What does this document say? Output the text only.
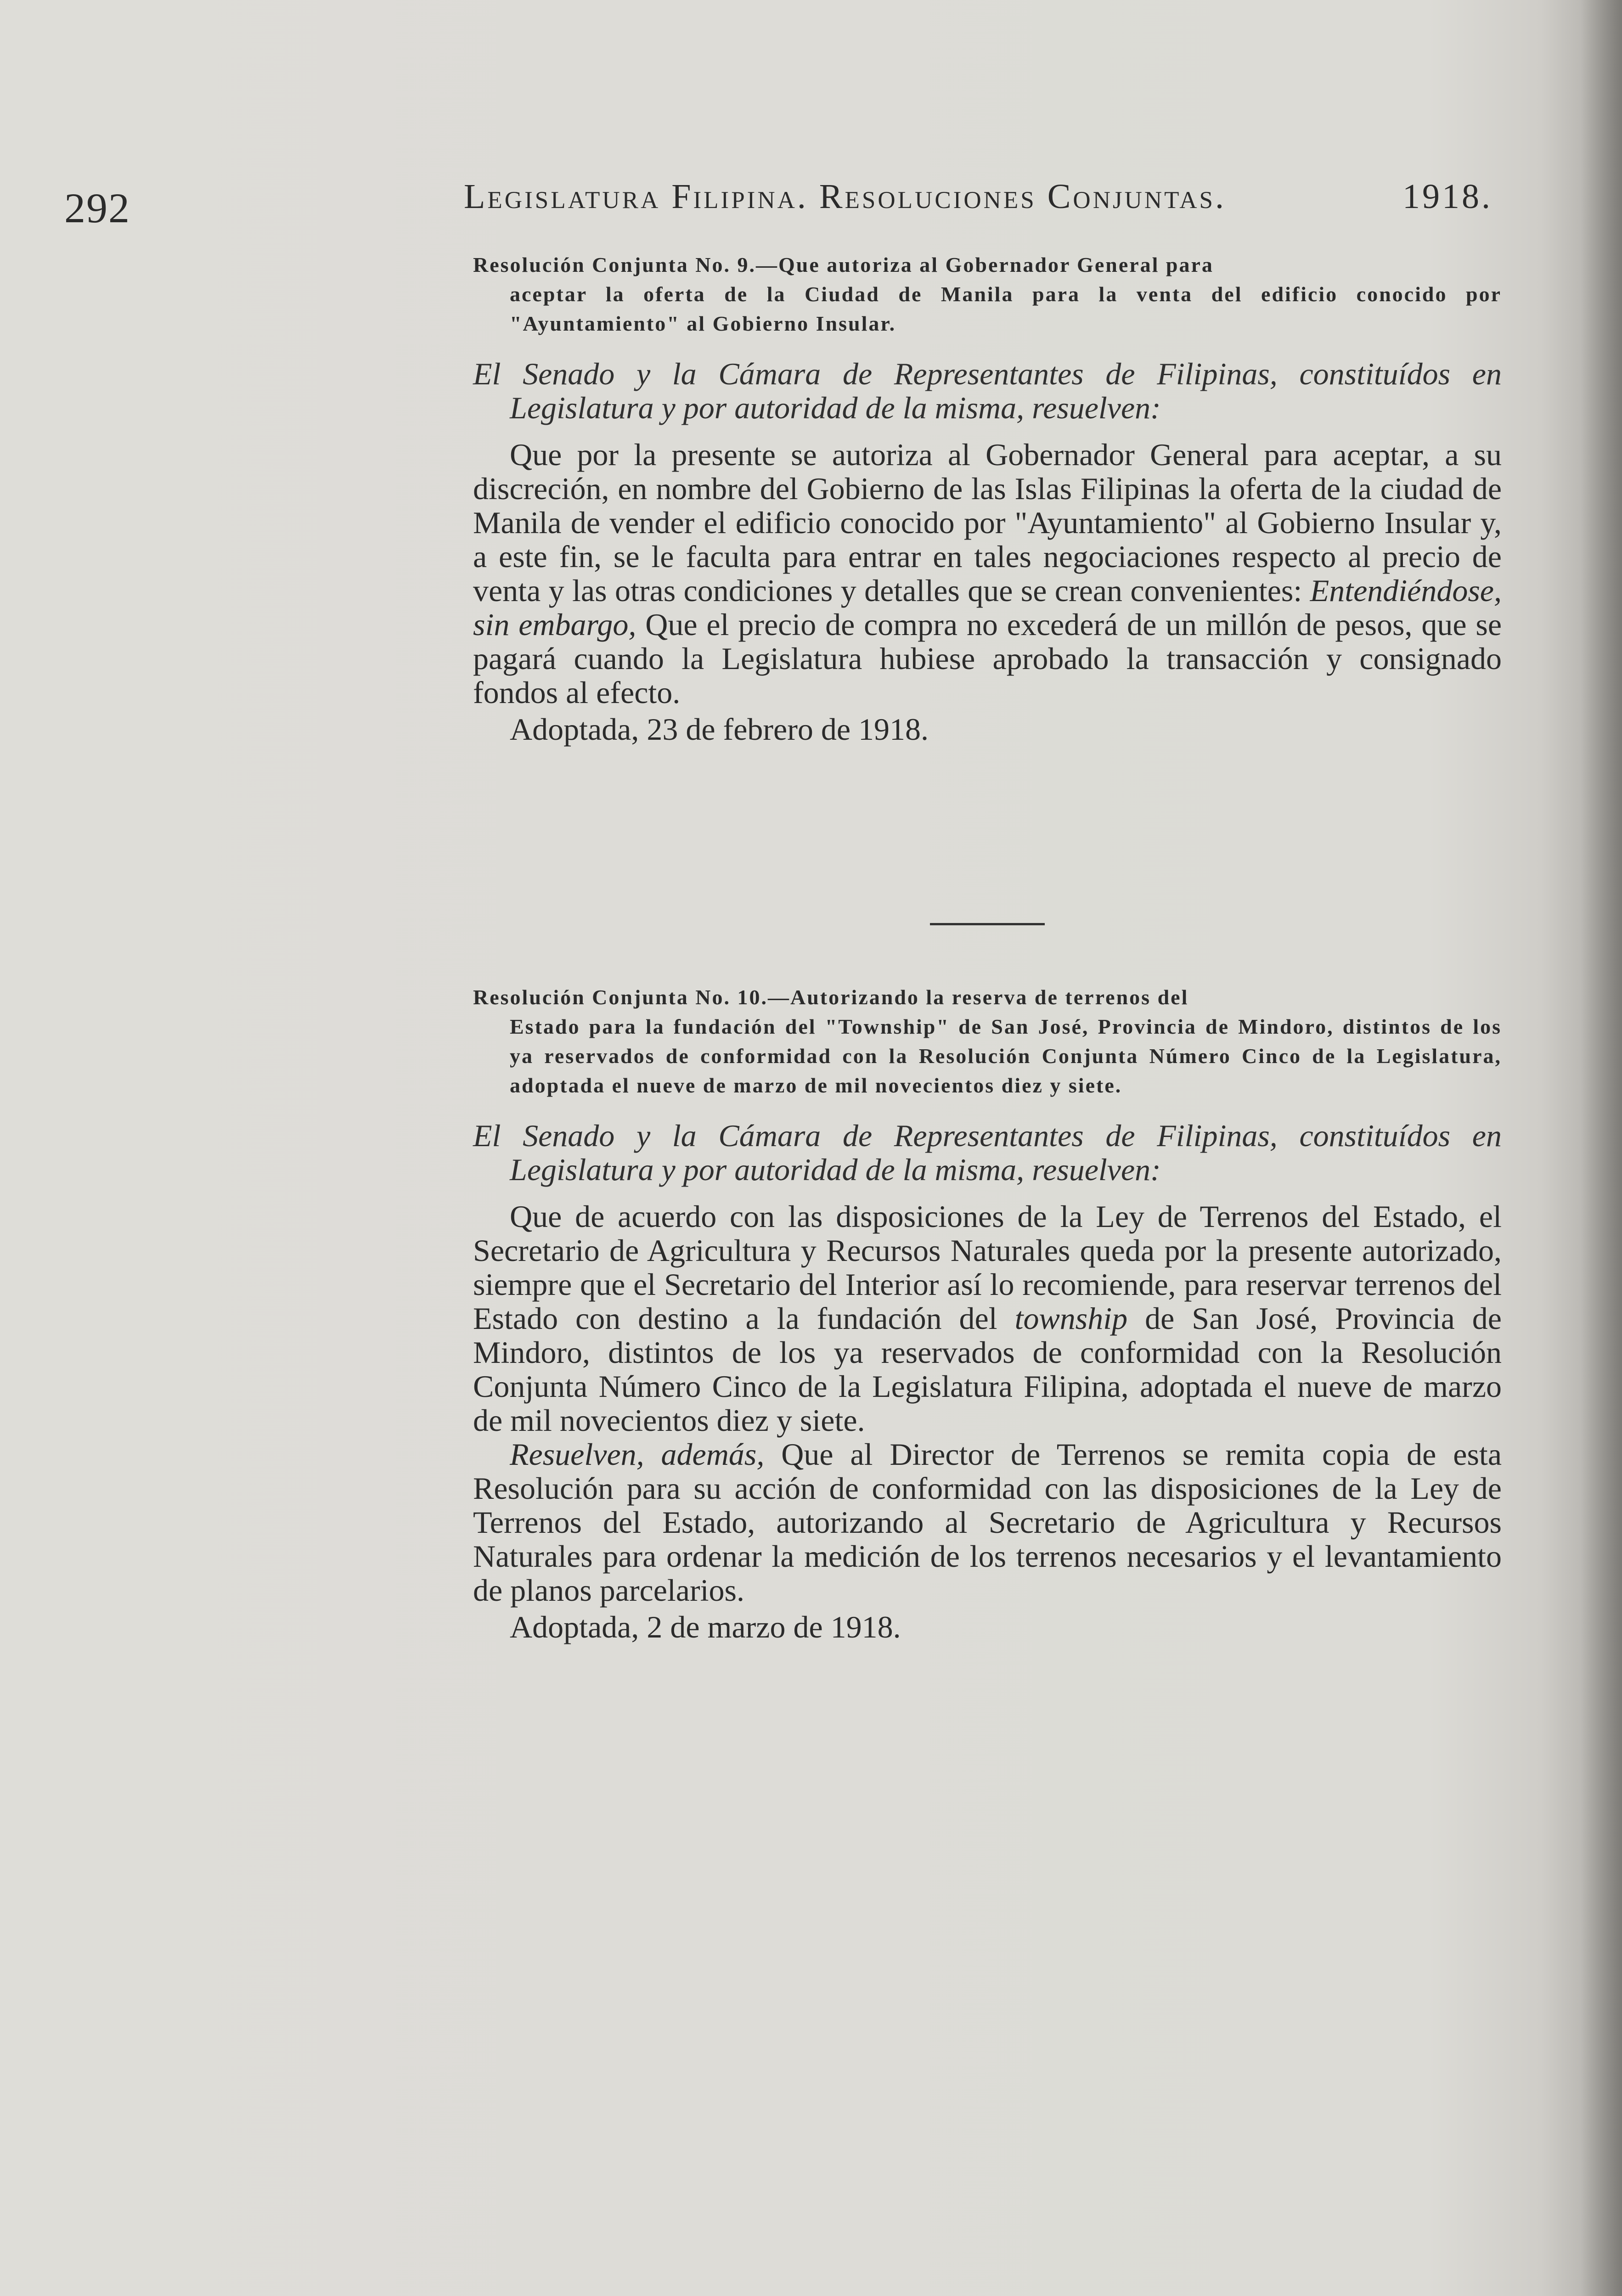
292	Legislatura Filipina. Resoluciones Conjuntas.	1918.

Resolución Conjunta No. 9.—Que autoriza al Gobernador General para
aceptar la oferta de la Ciudad de Manila para la venta del edificio conocido por "Ayuntamiento" al Gobierno Insular.

El Senado y la Cámara de Representantes de Filipinas, constituídos en Legislatura y por autoridad de la misma, resuelven:

Que por la presente se autoriza al Gobernador General para aceptar, a su discreción, en nombre del Gobierno de las Islas Filipinas la oferta de la ciudad de Manila de vender el edificio conocido por "Ayuntamiento" al Gobierno Insular y, a este fin, se le faculta para entrar en tales negociaciones respecto al precio de venta y las otras condiciones y detalles que se crean convenientes: Entendiéndose, sin embargo, Que el precio de compra no excederá de un millón de pesos, que se pagará cuando la Legislatura hubiese aprobado la transacción y consignado fondos al efecto.

Adoptada, 23 de febrero de 1918.

Resolución Conjunta No. 10.—Autorizando la reserva de terrenos del
Estado para la fundación del "Township" de San José, Provincia de Mindoro, distintos de los ya reservados de conformidad con la Resolución Conjunta Número Cinco de la Legislatura, adoptada el nueve de marzo de mil novecientos diez y siete.

El Senado y la Cámara de Representantes de Filipinas, constituídos en Legislatura y por autoridad de la misma, resuelven:

Que de acuerdo con las disposiciones de la Ley de Terrenos del Estado, el Secretario de Agricultura y Recursos Naturales queda por la presente autorizado, siempre que el Secretario del Interior así lo recomiende, para reservar terrenos del Estado con destino a la fundación del township de San José, Provincia de Mindoro, distintos de los ya reservados de conformidad con la Resolución Conjunta Número Cinco de la Legislatura Filipina, adoptada el nueve de marzo de mil novecientos diez y siete.

Resuelven, además, Que al Director de Terrenos se remita copia de esta Resolución para su acción de conformidad con las disposiciones de la Ley de Terrenos del Estado, autorizando al Secretario de Agricultura y Recursos Naturales para ordenar la medición de los terrenos necesarios y el levantamiento de planos parcelarios.

Adoptada, 2 de marzo de 1918.
